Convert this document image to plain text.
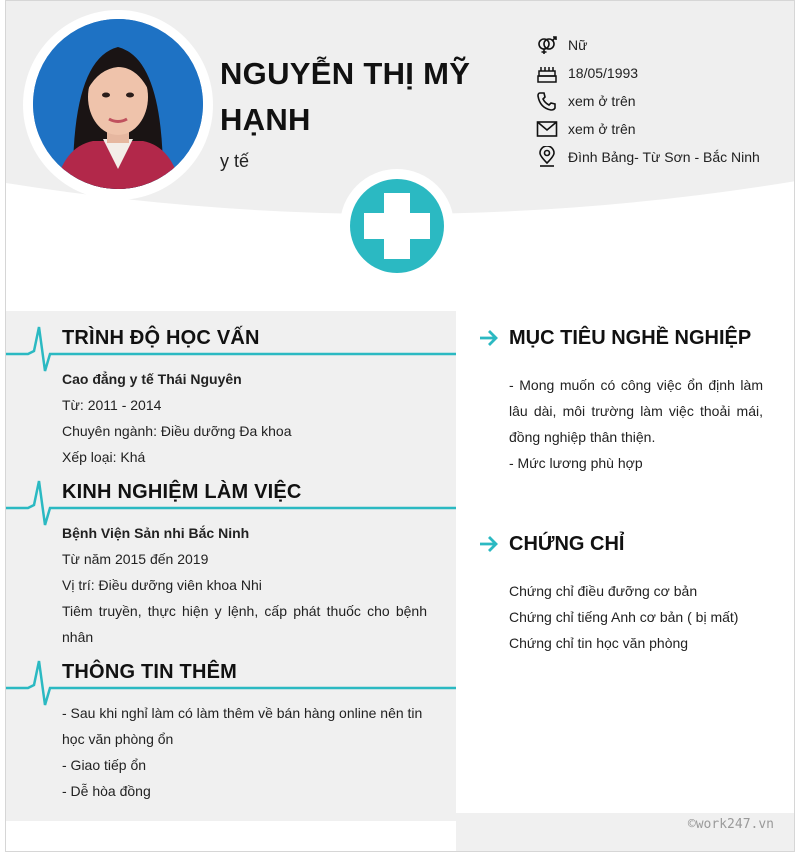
NGUYỄN THỊ MỸ HẠNH
y tế
Nữ
18/05/1993
xem ở trên
xem ở trên
Đình Bảng- Từ Sơn - Bắc Ninh
TRÌNH ĐỘ HỌC VẤN
Cao đẳng y tế Thái Nguyên
Từ: 2011 - 2014
Chuyên ngành: Điều dưỡng Đa khoa
Xếp loại: Khá
KINH NGHIỆM LÀM VIỆC
Bệnh Viện Sản nhi Bắc Ninh
Từ năm 2015 đến 2019
Vị trí: Điều dưỡng viên khoa Nhi
Tiêm truyền, thực hiện y lệnh, cấp phát thuốc cho bệnh nhân
THÔNG TIN THÊM
- Sau khi nghỉ làm có làm thêm về bán hàng online nên tin học văn phòng ổn
- Giao tiếp ổn
- Dễ hòa đồng
MỤC TIÊU NGHỀ NGHIỆP
- Mong muốn có công việc ổn định làm lâu dài, môi trường làm việc thoải mái, đồng nghiệp thân thiện.
- Mức lương phù hợp
CHỨNG CHỈ
Chứng chỉ điều đưỡng cơ bản
Chứng chỉ tiếng Anh cơ bản ( bị mất)
Chứng chỉ tin học văn phòng
©work247.vn
